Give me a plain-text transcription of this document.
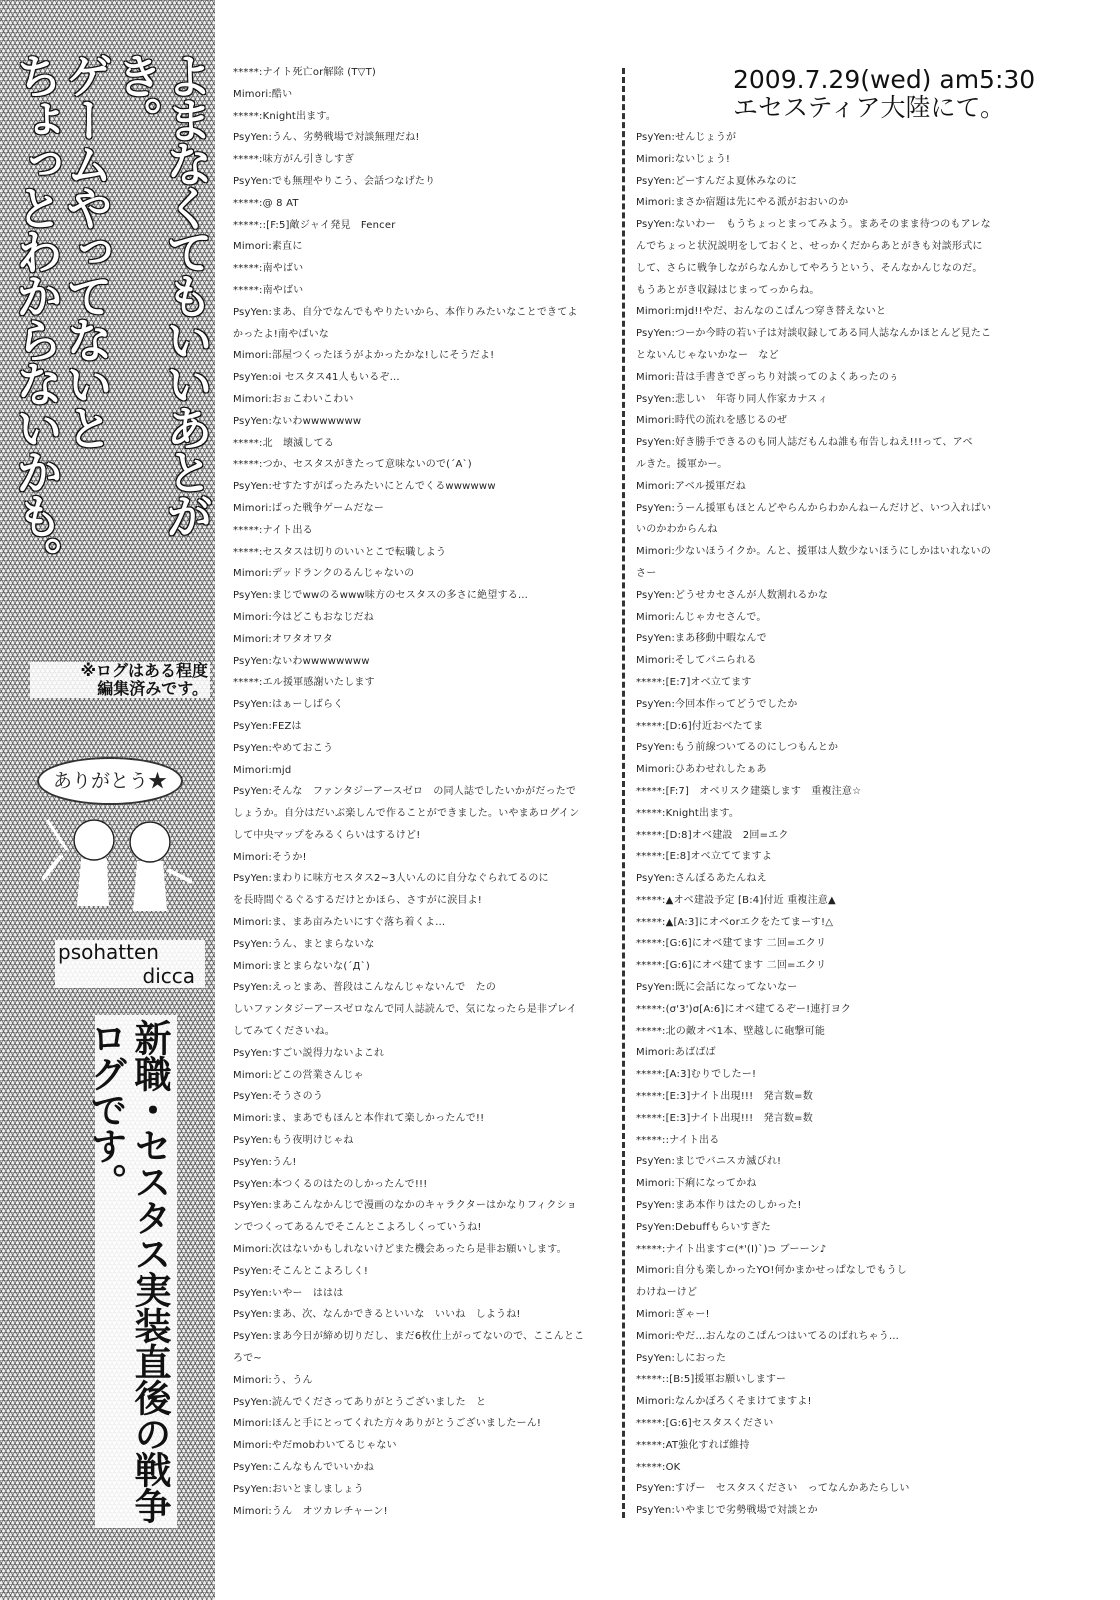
よまなくてもいいあとがき。
ゲームやってないと
ちょっとわからないかも。
※ログはある程度
編集済みです。
ありがとう★
psohatten
dicca
新職・セスタス実装直後の戦争ログです。
2009.7.29(wed) am5:30
エセスティア大陸にて。
*****:ナイト死亡or解除 (T▽T)
Mimori:酷い
*****:Knight出ます。
PsyYen:うん、劣勢戦場で対談無理だね!
*****:味方がん引きしすぎ
PsyYen:でも無理やりこう、会話つなげたり
*****:@ 8 AT
*****::[F:5]敵ジャイ発見　Fencer
Mimori:素直に
*****:南やばい
*****:南やばい
PsyYen:まあ、自分でなんでもやりたいから、本作りみたいなことできてよ
かったよ!南やばいな
Mimori:部屋つくったほうがよかったかな!しにそうだよ!
PsyYen:oi セスタス41人もいるぞ…
Mimori:おぉこわいこわい
PsyYen:ないわwwwwwww
*****:北　壊滅してる
*****:つか、セスタスがきたって意味ないので(´A`)
PsyYen:せすたすがばったみたいにとんでくるwwwwww
Mimori:ばった戦争ゲームだなー
*****:ナイト出る
*****:セスタスは切りのいいとこで転職しよう
Mimori:デッドランクのるんじゃないの
PsyYen:まじでwwのるwww味方のセスタスの多さに絶望する…
Mimori:今はどこもおなじだね
Mimori:オワタオワタ
PsyYen:ないわwwwwwwww
*****:エル援軍感謝いたします
PsyYen:はぁーしばらく
PsyYen:FEZは
PsyYen:やめておこう
Mimori:mjd
PsyYen:そんな　ファンタジーアースゼロ　の同人誌でしたいかがだったで
しょうか。自分はだいぶ楽しんで作ることができました。いやまあログイン
して中央マップをみるくらいはするけど!
Mimori:そうか!
PsyYen:まわりに味方セスタス2~3人いんのに自分なぐられてるのに
を長時間ぐるぐるするだけとかほら、さすがに涙目よ!
Mimori:ま、まあ亩みたいにすぐ落ち着くよ…
PsyYen:うん、まとまらないな
Mimori:まとまらないな(´Д`)
PsyYen:えっとまあ、普段はこんなんじゃないんで　たの
しいファンタジーアースゼロなんで同人誌読んで、気になったら是非プレイ
してみてくださいね。
PsyYen:すごい説得力ないよこれ
Mimori:どこの営業さんじゃ
PsyYen:そうさのう
Mimori:ま、まあでもほんと本作れて楽しかったんで!!
PsyYen:もう夜明けじゃね
PsyYen:うん!
PsyYen:本つくるのはたのしかったんで!!!
PsyYen:まあこんなかんじで漫画のなかのキャラクターはかなりフィクショ
ンでつくってあるんでそこんとこよろしくっていうね!
Mimori:次はないかもしれないけどまた機会あったら是非お願いします。
PsyYen:そこんとこよろしく!
PsyYen:いやー　ははは
PsyYen:まあ、次、なんかできるといいな　いいね　しようね!
PsyYen:まあ今日が締め切りだし、まだ6枚仕上がってないので、ここんとこ
ろで~
Mimori:う、うん
PsyYen:読んでくださってありがとうございました　と
Mimori:ほんと手にとってくれた方々ありがとうございましたーん!
Mimori:やだmobわいてるじゃない
PsyYen:こんなもんでいいかね
PsyYen:おいとましましょう
Mimori:うん　オツカレチャーン!
PsyYen:せんじょうが
Mimori:ないじょう!
PsyYen:どーすんだよ夏休みなのに
Mimori:まさか宿題は先にやる派がおおいのか
PsyYen:ないわー　もうちょっとまってみよう。まあそのまま待つのもアレな
んでちょっと状況説明をしておくと、せっかくだからあとがきも対談形式に
して、さらに戦争しながらなんかしてやろうという、そんなかんじなのだ。
もうあとがき収録はじまってっからね。
Mimori:mjd!!やだ、おんなのこぱんつ穿き替えないと
PsyYen:つーか今時の若い子は対談収録してある同人誌なんかほとんど見たこ
とないんじゃないかなー　など
Mimori:昔は手書きでぎっちり対談ってのよくあったのぅ
PsyYen:悲しい　年寄り同人作家カナスィ
Mimori:時代の流れを感じるのぜ
PsyYen:好き勝手できるのも同人誌だもんね誰も布告しねえ!!!って、アベ
ルきた。援軍かー。
Mimori:アベル援軍だね
PsyYen:うーん援軍もほとんどやらんからわかんねーんだけど、いつ入ればい
いのかわからんね
Mimori:少ないほうイクか。んと、援軍は人数少ないほうにしかはいれないの
さー
PsyYen:どうせカセさんが人数割れるかな
Mimori:んじゃカセさんで。
PsyYen:まあ移動中暇なんで
Mimori:そしてバニられる
*****:[E:7]オベ立てます
PsyYen:今回本作ってどうでしたか
*****:[D:6]付近おべたてま
PsyYen:もう前線ついてるのにしつもんとか
Mimori:ひあわせれしたぁあ
*****:[F:7]　オベリスク建築します　重複注意☆
*****:Knight出ます。
*****:[D:8]オベ建設　2回=エク
*****:[E:8]オベ立ててますよ
PsyYen:さんぼるあたんねえ
*****:▲オベ建設予定 [B:4]付近 重複注意▲
*****:▲[A:3]にオベorエクをたてまーす!△
*****:[G:6]にオベ建てます 二回=エクリ
*****:[G:6]にオベ建てます 二回=エクリ
PsyYen:既に会話になってないなー
*****:(σ'3')σ[A:6]にオベ建てるぞー!連打ヨク
*****:北の敵オベ1本、壁越しに砲撃可能
Mimori:あばばば
*****:[A:3]むりでしたー!
*****:[E:3]ナイト出現!!!　発言数=数
*****:[E:3]ナイト出現!!!　発言数=数
*****::ナイト出る
PsyYen:まじでバニスカ滅びれ!
Mimori:下痢になってかね
PsyYen:まあ本作りはたのしかった!
PsyYen:Debuffもらいすぎた
*****:ナイト出ます⊂(*'(I)`)⊃ ブーーン♪
Mimori:自分も楽しかったYO!何かまかせっぱなしでもうし
わけねーけど
Mimori:ぎゃー!
Mimori:やだ…おんなのこぱんつはいてるのばれちゃう…
PsyYen:しにおった
*****::[B:5]援軍お願いしますー
Mimori:なんかぼろくそまけてますよ!
*****:[G:6]セスタスください
*****:AT強化すれば維持
*****:OK
PsyYen:すげー　セスタスください　ってなんかあたらしい
PsyYen:いやまじで劣勢戦場で対談とか
